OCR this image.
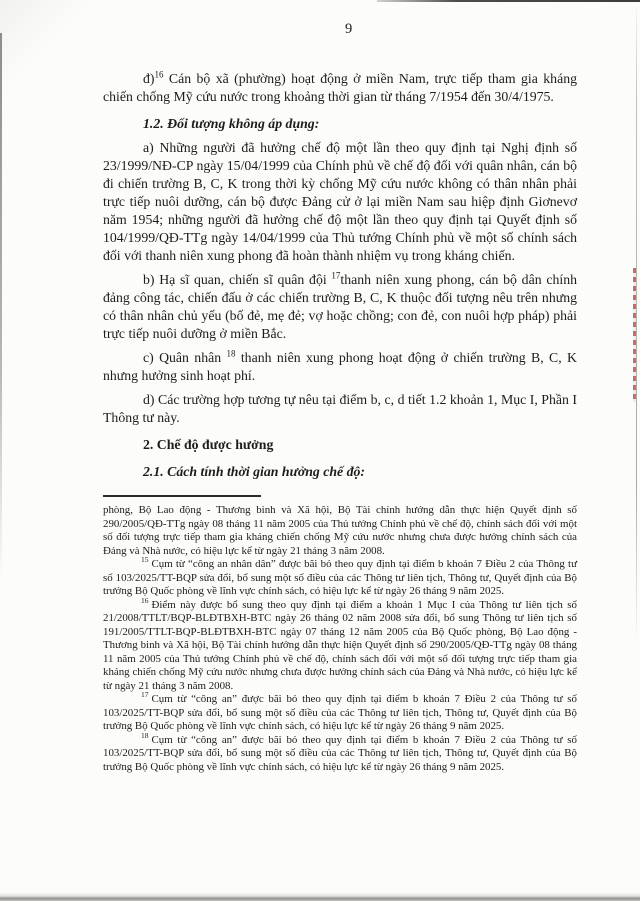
9

đ)$^{16}$ Cán bộ xã (phường) hoạt động ở miền Nam, trực tiếp tham gia kháng chiến chống Mỹ cứu nước trong khoảng thời gian từ tháng 7/1954 đến 30/4/1975.

1.2. Đối tượng không áp dụng:

a) Những người đã hưởng chế độ một lần theo quy định tại Nghị định số 23/1999/NĐ-CP ngày 15/04/1999 của Chính phủ về chế độ đối với quân nhân, cán bộ đi chiến trường B, C, K trong thời kỳ chống Mỹ cứu nước không có thân nhân phải trực tiếp nuôi dưỡng, cán bộ được Đảng cử ở lại miền Nam sau hiệp định Giơnevơ năm 1954; những người đã hưởng chế độ một lần theo quy định tại Quyết định số 104/1999/QĐ-TTg ngày 14/04/1999 của Thủ tướng Chính phủ về một số chính sách đối với thanh niên xung phong đã hoàn thành nhiệm vụ trong kháng chiến.

b) Hạ sĩ quan, chiến sĩ quân đội $^{17}$thanh niên xung phong, cán bộ dân chính đảng công tác, chiến đấu ở các chiến trường B, C, K thuộc đối tượng nêu trên nhưng có thân nhân chủ yếu (bố đẻ, mẹ đẻ; vợ hoặc chồng; con đẻ, con nuôi hợp pháp) phải trực tiếp nuôi dưỡng ở miền Bắc.

c) Quân nhân $^{18}$ thanh niên xung phong hoạt động ở chiến trường B, C, K nhưng hưởng sinh hoạt phí.

d) Các trường hợp tương tự nêu tại điểm b, c, d tiết 1.2 khoản 1, Mục I, Phần I Thông tư này.

2. Chế độ được hưởng

2.1. Cách tính thời gian hưởng chế độ:

phòng, Bộ Lao động - Thương binh và Xã hội, Bộ Tài chính hướng dẫn thực hiện Quyết định số 290/2005/QĐ-TTg ngày 08 tháng 11 năm 2005 của Thủ tướng Chính phủ về chế độ, chính sách đối với một số đối tượng trực tiếp tham gia kháng chiến chống Mỹ cứu nước nhưng chưa được hưởng chính sách của Đảng và Nhà nước, có hiệu lực kể từ ngày 21 tháng 3 năm 2008.

$^{15}$ Cụm từ “công an nhân dân” được bãi bỏ theo quy định tại điểm b khoản 7 Điều 2 của Thông tư số 103/2025/TT-BQP sửa đổi, bổ sung một số điều của các Thông tư liên tịch, Thông tư, Quyết định của Bộ trưởng Bộ Quốc phòng về lĩnh vực chính sách, có hiệu lực kể từ ngày 26 tháng 9 năm 2025.

$^{16}$ Điểm này được bổ sung theo quy định tại điểm a khoản 1 Mục I của Thông tư liên tịch số 21/2008/TTLT/BQP-BLĐTBXH-BTC ngày 26 tháng 02 năm 2008 sửa đổi, bổ sung Thông tư liên tịch số 191/2005/TTLT-BQP-BLĐTBXH-BTC ngày 07 tháng 12 năm 2005 của Bộ Quốc phòng, Bộ Lao động - Thương binh và Xã hội, Bộ Tài chính hướng dẫn thực hiện Quyết định số 290/2005/QĐ-TTg ngày 08 tháng 11 năm 2005 của Thủ tướng Chính phủ về chế độ, chính sách đối với một số đối tượng trực tiếp tham gia kháng chiến chống Mỹ cứu nước nhưng chưa được hưởng chính sách của Đảng và Nhà nước, có hiệu lực kể từ ngày 21 tháng 3 năm 2008.

$^{17}$ Cụm từ “công an” được bãi bỏ theo quy định tại điểm b khoản 7 Điều 2 của Thông tư số 103/2025/TT-BQP sửa đổi, bổ sung một số điều của các Thông tư liên tịch, Thông tư, Quyết định của Bộ trưởng Bộ Quốc phòng về lĩnh vực chính sách, có hiệu lực kể từ ngày 26 tháng 9 năm 2025.

$^{18}$ Cụm từ “công an” được bãi bỏ theo quy định tại điểm b khoản 7 Điều 2 của Thông tư số 103/2025/TT-BQP sửa đổi, bổ sung một số điều của các Thông tư liên tịch, Thông tư, Quyết định của Bộ trưởng Bộ Quốc phòng về lĩnh vực chính sách, có hiệu lực kể từ ngày 26 tháng 9 năm 2025.
